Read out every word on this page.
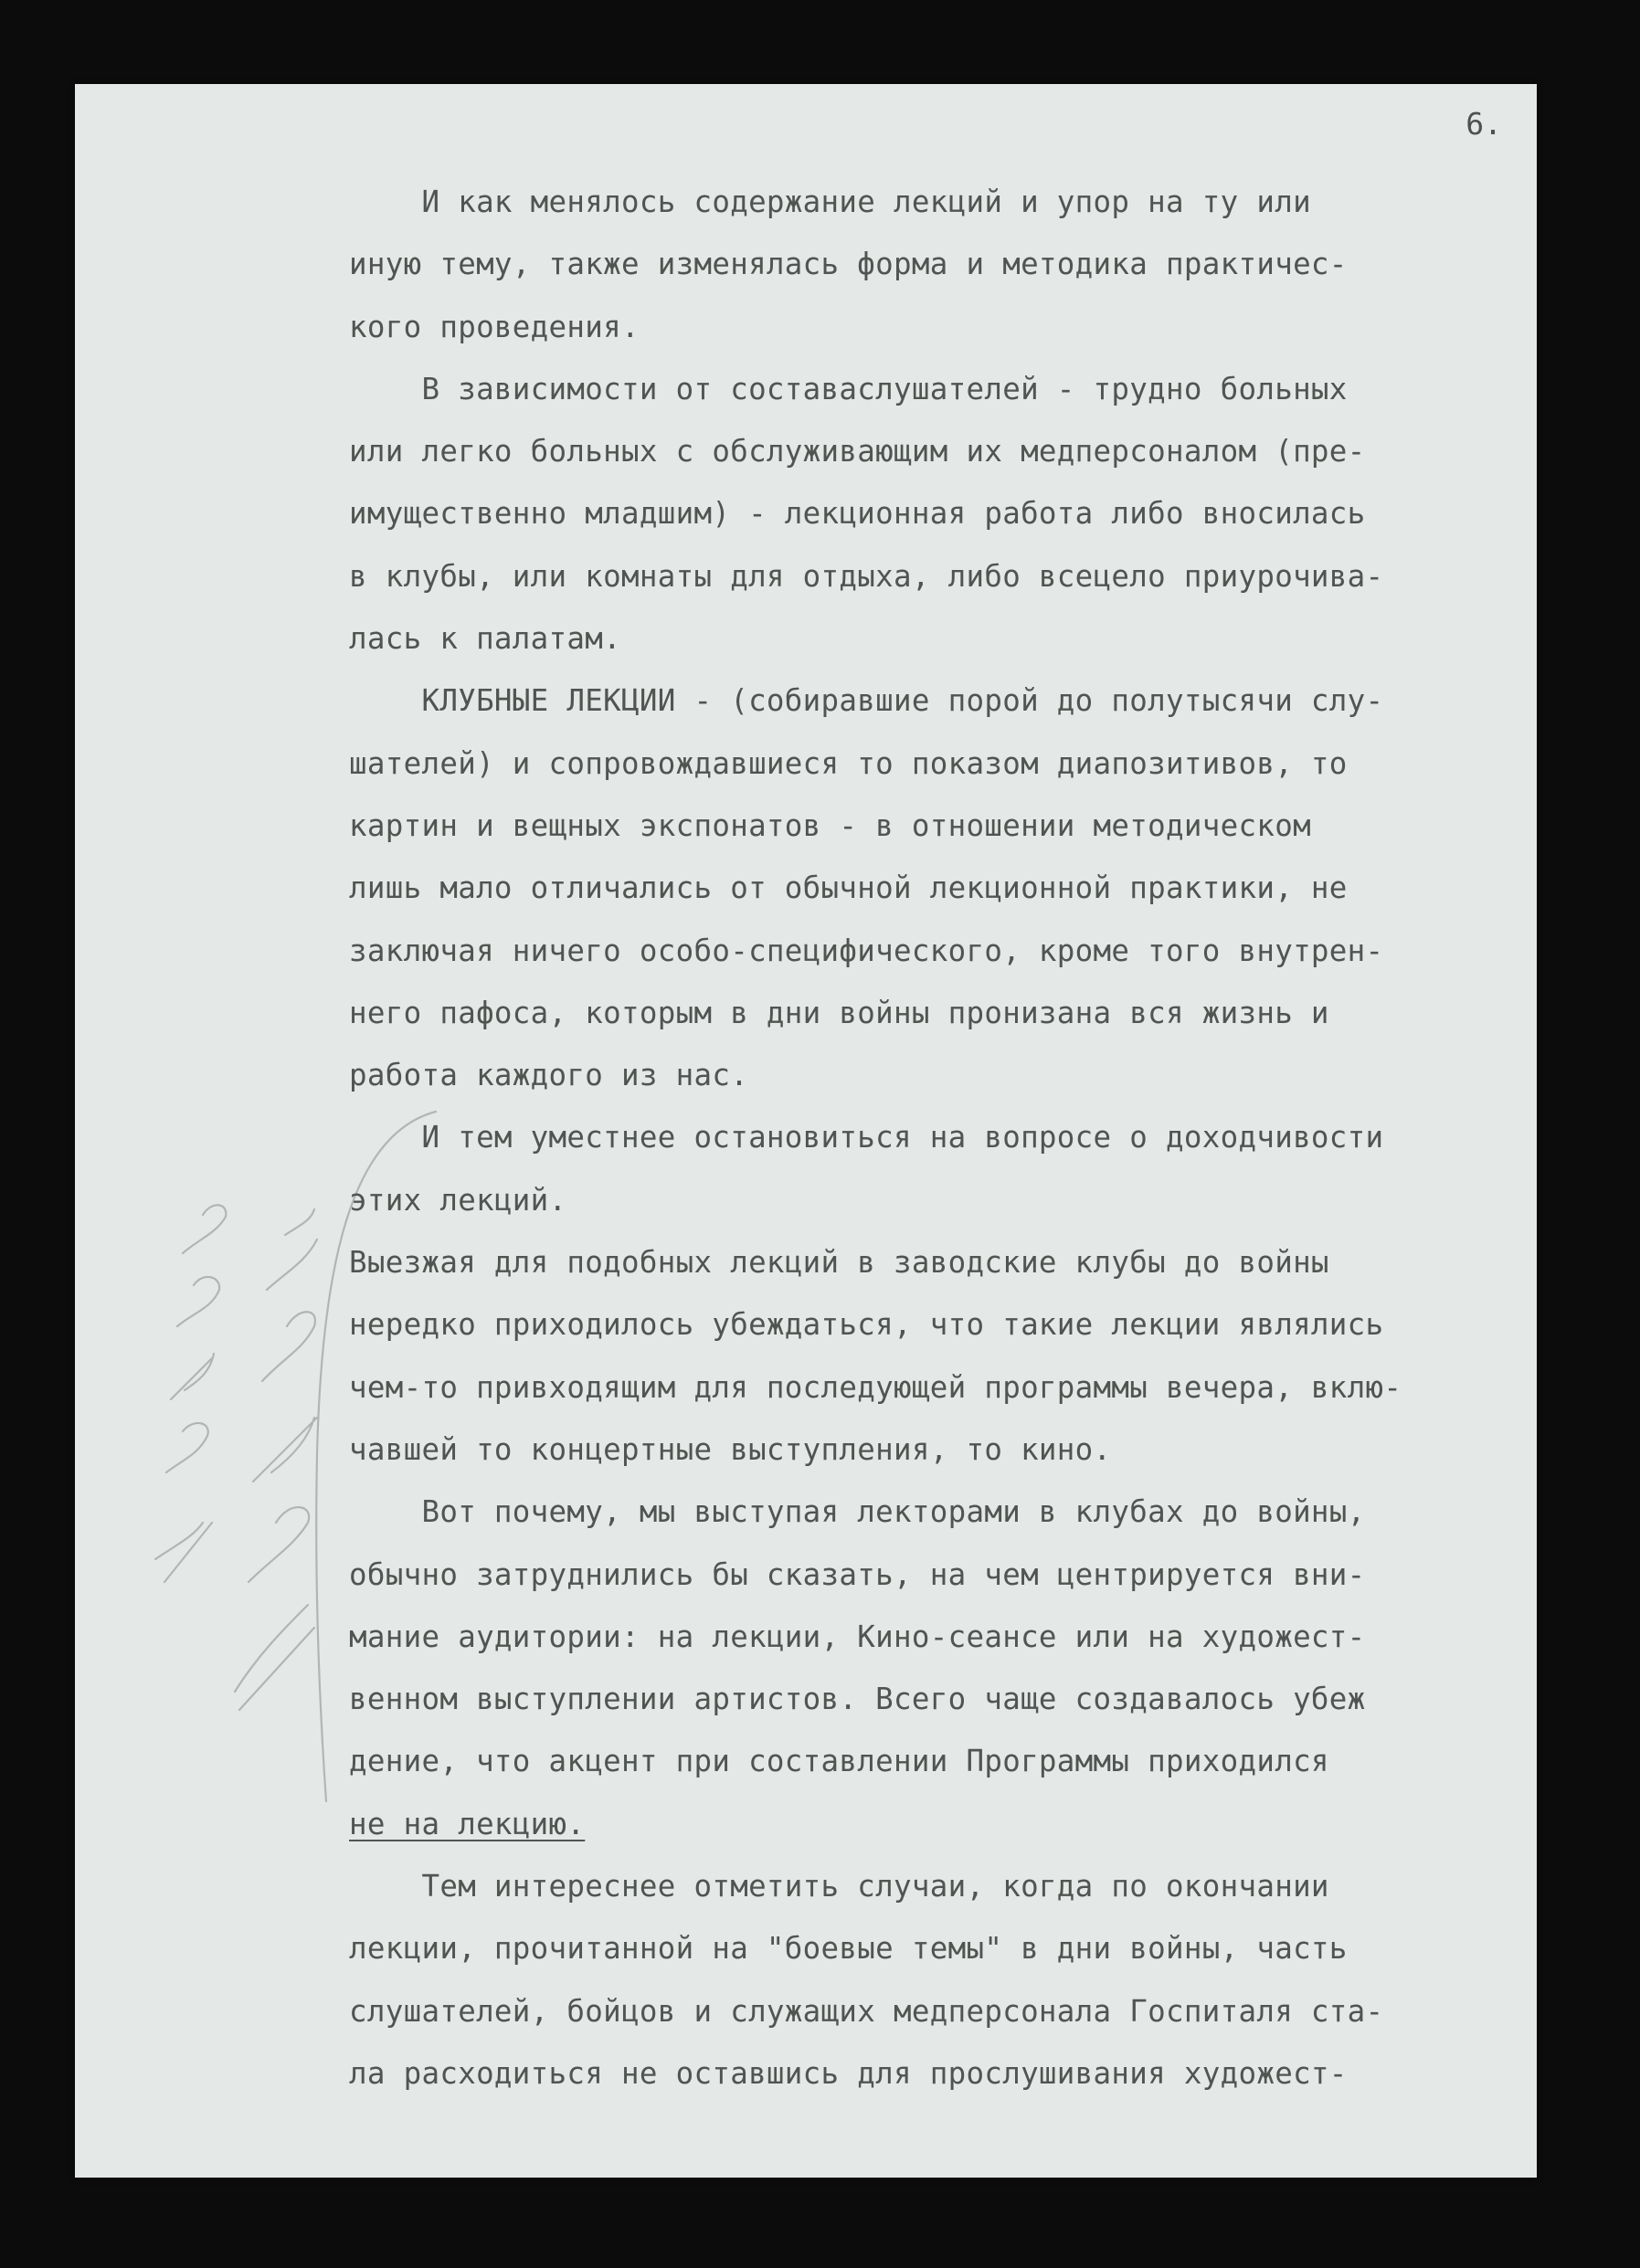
6.
И как менялось содержание лекций и упор на ту или
иную тему, также изменялась форма и методика практичес-
кого проведения.
В зависимости от составаслушателей - трудно больных
или легко больных с обслуживающим их медперсоналом (пре-
имущественно младшим) - лекционная работа либо вносилась
в клубы, или комнаты для отдыха, либо всецело приурочива-
лась к палатам.
КЛУБНЫЕ ЛЕКЦИИ - (собиравшие порой до полутысячи слу-
шателей) и сопровождавшиеся то показом диапозитивов, то
картин и вещных экспонатов - в отношении методическом
лишь мало отличались от обычной лекционной практики, не
заключая ничего особо-специфического, кроме того внутрен-
него пафоса, которым в дни войны пронизана вся жизнь и
работа каждого из нас.
И тем уместнее остановиться на вопросе о доходчивости
этих лекций.
Выезжая для подобных лекций в заводские клубы до войны
нередко приходилось убеждаться, что такие лекции являлись
чем-то привходящим для последующей программы вечера, вклю-
чавшей то концертные выступления, то кино.
Вот почему, мы выступая лекторами в клубах до войны,
обычно затруднились бы сказать, на чем центрируется вни-
мание аудитории: на лекции, Кино-сеансе или на художест-
венном выступлении артистов. Всего чаще создавалось убеж
дение, что акцент при составлении Программы приходился
не на лекцию.
Тем интереснее отметить случаи, когда по окончании
лекции, прочитанной на "боевые темы" в дни войны, часть
слушателей, бойцов и служащих медперсонала Госпиталя ста-
ла расходиться не оставшись для прослушивания художест-
